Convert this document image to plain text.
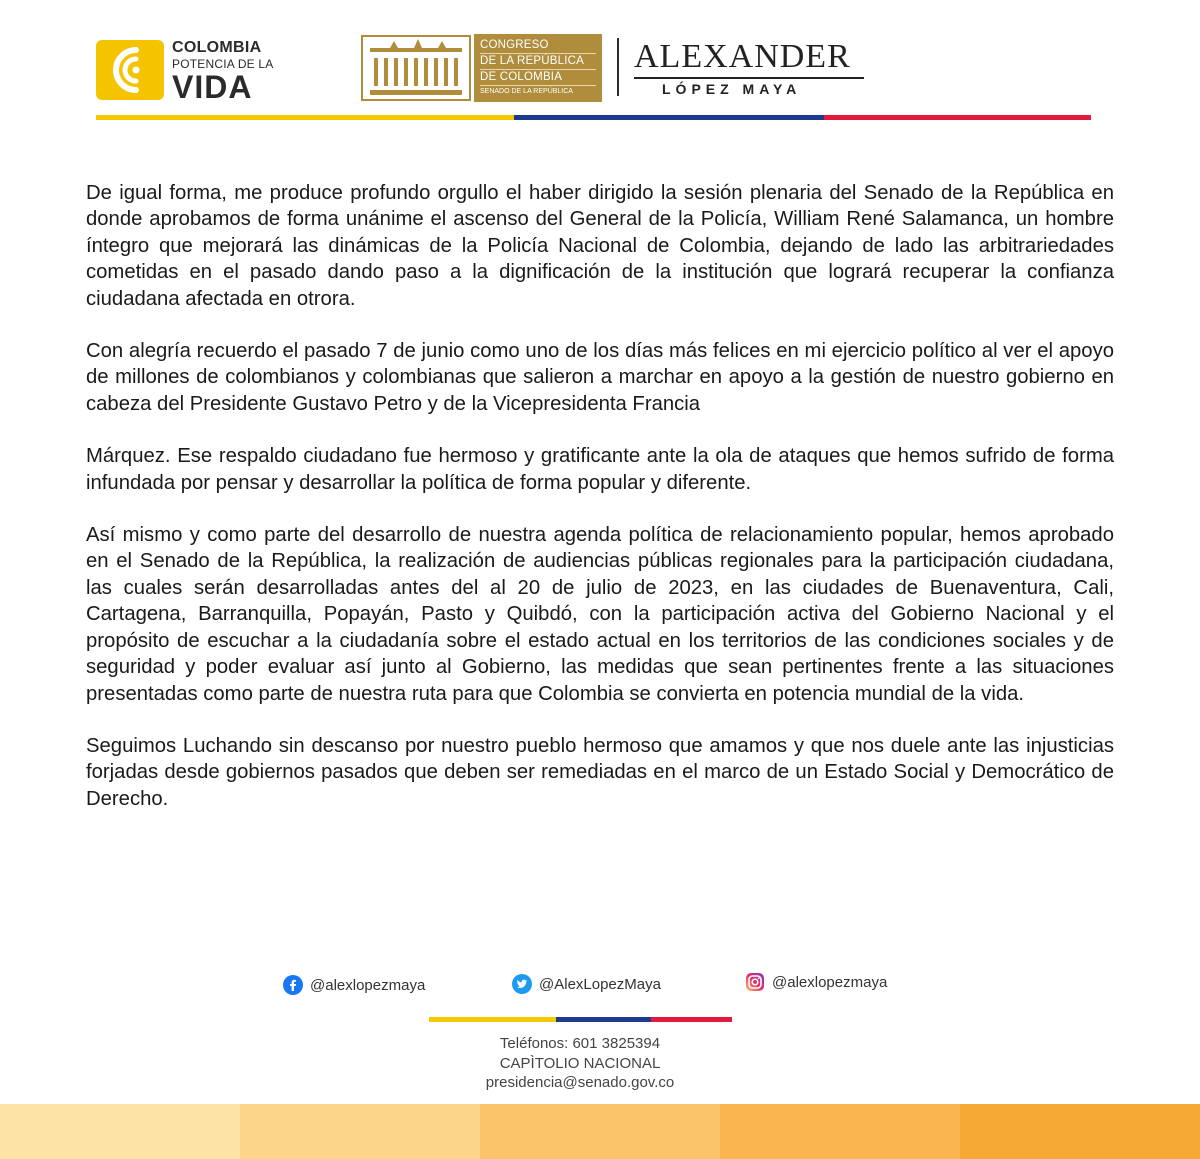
COLOMBIA
POTENCIA DE LA
VIDA
CONGRESO
DE LA REPÚBLICA
DE COLOMBIA
SENADO DE LA REPÚBLICA
ALEXANDER
LÓPEZ MAYA

De igual forma, me produce profundo orgullo el haber dirigido la sesión plenaria del Senado de la República en donde aprobamos de forma unánime el ascenso del General de la Policía, William René Salamanca, un hombre íntegro que mejorará las dinámicas de la Policía Nacional de Colombia, dejando de lado las arbitrariedades cometidas en el pasado dando paso a la dignificación de la institución que logrará recuperar la confianza ciudadana afectada en otrora.

Con alegría recuerdo el pasado 7 de junio como uno de los días más felices en mi ejercicio político al ver el apoyo de millones de colombianos y colombianas que salieron a marchar en apoyo a la gestión de nuestro gobierno en cabeza del Presidente Gustavo Petro y de la Vicepresidenta Francia

Márquez. Ese respaldo ciudadano fue hermoso y gratificante ante la ola de ataques que hemos sufrido de forma infundada por pensar y desarrollar la política de forma popular y diferente.

Así mismo y como parte del desarrollo de nuestra agenda política de relacionamiento popular, hemos aprobado en el Senado de la República, la realización de audiencias públicas regionales para la participación ciudadana, las cuales serán desarrolladas antes del al 20 de julio de 2023, en las ciudades de Buenaventura, Cali, Cartagena, Barranquilla, Popayán, Pasto y Quibdó, con la participación activa del Gobierno Nacional y el propósito de escuchar a la ciudadanía sobre el estado actual en los territorios de las condiciones sociales y de seguridad y poder evaluar así junto al Gobierno, las medidas que sean pertinentes frente a las situaciones presentadas como parte de nuestra ruta para que Colombia se convierta en potencia mundial de la vida.

Seguimos Luchando sin descanso por nuestro pueblo hermoso que amamos y que nos duele ante las injusticias forjadas desde gobiernos pasados que deben ser remediadas en el marco de un Estado Social y Democrático de Derecho.

@alexlopezmaya	@AlexLopezMaya	@alexlopezmaya
Teléfonos: 601 3825394
CAPÌTOLIO NACIONAL
presidencia@senado.gov.co
